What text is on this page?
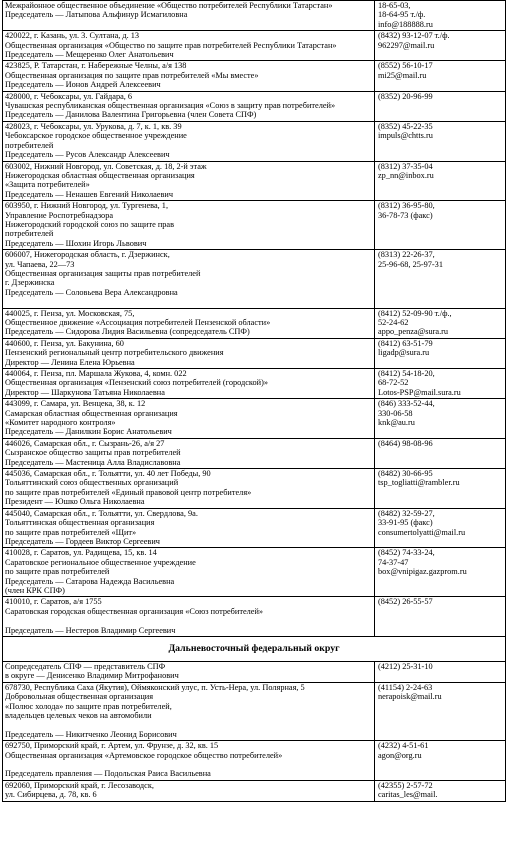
Межрайонное общественное объединение «Общество потребителей Республики Татарстан»
Председатель — Латыпова Альфинур Исмагиловна	18-65-03,
18-64-95 т./ф.
info@188888.ru

420022, г. Казань, ул. 3. Султана, д. 13
Общественная организация «Общество по защите прав потребителей Республики Татарстан»
Председатель — Мещеренко Олег Анатольевич	(8432) 93-12-07 т./ф.
962297@mail.ru

423825, Р. Татарстан, г. Набережные Челны, а/я 138
Общественная организация по защите прав потребителей «Мы вместе»
Председатель — Ионов Андрей Алексеевич	(8552) 56-10-17
mi25@mail.ru

428000, г. Чебоксары, ул. Гайдара, 6
Чувашская республиканская общественная организация «Союз в защиту прав потребителей»
Председатель — Данилова Валентина Григорьевна (член Совета СПФ)	(8352) 20-96-99

428023, г. Чебоксары, ул. Урукова, д. 7, к. 1, кв. 39
Чебоксарское городское общественное учреждение
потребителей
Председатель — Русов Александр Алексеевич	(8352) 45-22-35
impuls@chtts.ru

603002, Нижний Новгород, ул. Советская, д. 18, 2-й этаж
Нижегородская областная общественная организация
«Защита потребителей»
Председатель — Ненашев Евгений Николаевич	(8312) 37-35-04
zp_nn@inbox.ru

603950, г. Нижний Новгород, ул. Тургенева, 1,
Управление Роспотребнадзора
Нижегородский городской союз по защите прав
потребителей
Председатель — Шохин Игорь Львович	(8312) 36-95-80,
36-78-73 (факс)

606007, Нижегородская область, г. Дзержинск,
ул. Чапаева, 22—73
Общественная организация защиты прав потребителей
г. Дзержинска
Председатель — Соловьева Вера Александровна	(8313) 22-26-37,
25-96-68, 25-97-31

440025, г. Пенза, ул. Московская, 75,
Общественное движение «Ассоциация потребителей Пензенской области»
Председатель — Сидорова Лидия Васильевна (сопредседатель СПФ)	(8412) 52-09-90 т./ф.,
52-24-62
appo_penza@sura.ru

440600, г. Пенза, ул. Бакунина, 60
Пензенский региональный центр потребительского движения
Директор — Ленина Елена Юрьевна	(8412) 63-51-79
ligadp@sura.ru

440064, г. Пенза, пл. Маршала Жукова, 4, комн. 022
Общественная организация «Пензенский союз потребителей (городской)»
Директор — Шаркунова Татьяна Николаевна	(8412) 54-18-20,
68-72-52
Lotos-PSP@mail.sura.ru

443099, г. Самара, ул. Венцека, 38, к. 12
Самарская областная общественная организация
«Комитет народного контроля»
Председатель — Данилкин Борис Анатольевич	(846) 333-52-44,
330-06-58
knk@au.ru

446026, Самарская обл., г. Сызрань-26, а/я 27
Сызранское общество защиты прав потребителей
Председатель — Мастеница Алла Владиславовна	(8464) 98-08-96

445036, Самарская обл., г. Тольятти, ул. 40 лет Победы, 90
Тольяттинский союз общественных организаций
по защите прав потребителей «Единый правовой центр потребителя»
Президент — Юшко Ольга Николаевна	(8482) 30-66-95
tsp_togliatti@rambler.ru

445040, Самарская обл., г. Тольятти, ул. Свердлова, 9а.
Тольяттинская общественная организация
по защите прав потребителей «Щит»
Председатель — Гордеев Виктор Сергеевич	(8482) 32-59-27,
33-91-95 (факс)
consumertolyatti@mail.ru

410028, г. Саратов, ул. Радищева, 15, кв. 14
Саратовское региональное общественное учреждение
по защите прав потребителей
Председатель — Сатарова Надежда Васильевна
(член КРК СПФ)	(8452) 74-33-24,
74-37-47
box@vnipigaz.gazprom.ru

410010, г. Саратов, а/я 1755
Саратовская городская общественная организация «Союз потребителей»
Председатель — Нестеров Владимир Сергеевич	(8452) 26-55-57

Дальневосточный федеральный округ	

Сопредседатель СПФ — представитель СПФ
в округе — Денисенко Владимир Митрофанович	(4212) 25-31-10

678730, Республика Саха (Якутия), Оймяконский улус, п. Усть-Нера, ул. Полярная, 5
Добровольная общественная организация
«Полюс холода» по защите прав потребителей,
владельцев целевых чеков на автомобили
Председатель — Никитченко Леонид Борисович	(41154) 2-24-63
nerapoisk@mail.ru

692750, Приморский край, г. Артем, ул. Фрунзе, д. 32, кв. 15
Общественная организация «Артемовское городское общество потребителей»
Председатель правления — Подольская Раиса Васильевна	(4232) 4-51-61
agon@org.ru

692060, Приморский край, г. Лесозаводск,
ул. Сибирцева, д. 78, кв. 6	(42355) 2-57-72
caritas_les@mail.
